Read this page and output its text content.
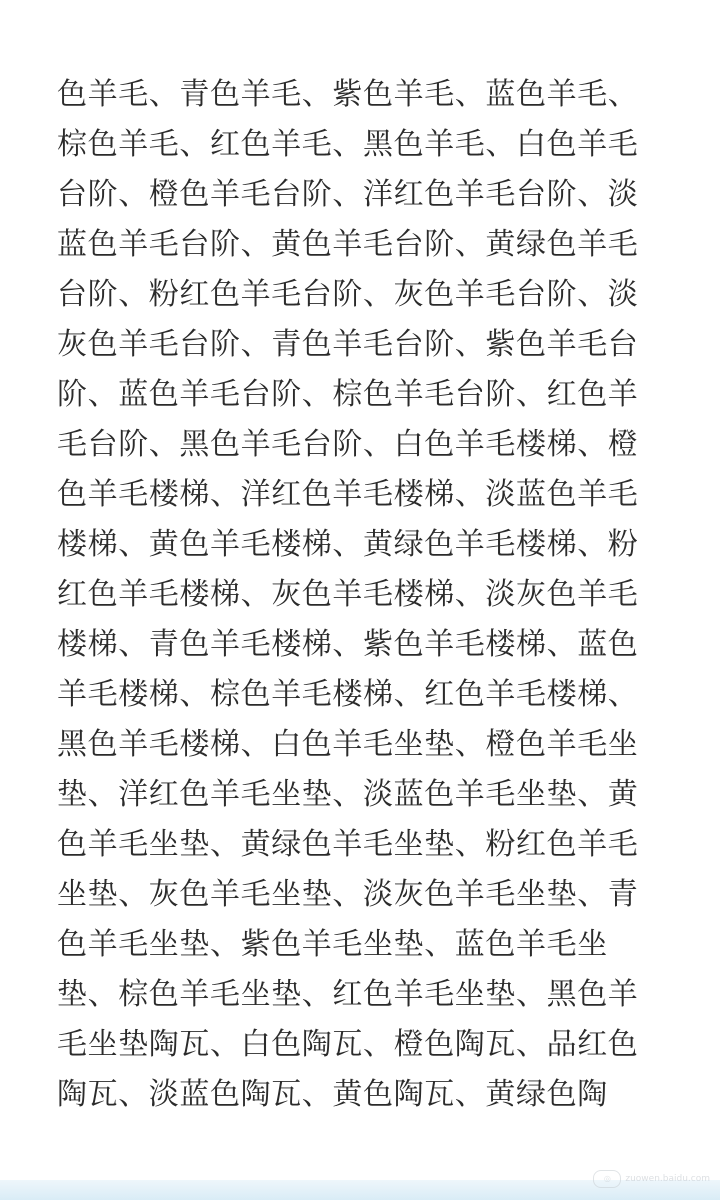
色羊毛、青色羊毛、紫色羊毛、蓝色羊毛、
棕色羊毛、红色羊毛、黑色羊毛、白色羊毛
台阶、橙色羊毛台阶、洋红色羊毛台阶、淡
蓝色羊毛台阶、黄色羊毛台阶、黄绿色羊毛
台阶、粉红色羊毛台阶、灰色羊毛台阶、淡
灰色羊毛台阶、青色羊毛台阶、紫色羊毛台
阶、蓝色羊毛台阶、棕色羊毛台阶、红色羊
毛台阶、黑色羊毛台阶、白色羊毛楼梯、橙
色羊毛楼梯、洋红色羊毛楼梯、淡蓝色羊毛
楼梯、黄色羊毛楼梯、黄绿色羊毛楼梯、粉
红色羊毛楼梯、灰色羊毛楼梯、淡灰色羊毛
楼梯、青色羊毛楼梯、紫色羊毛楼梯、蓝色
羊毛楼梯、棕色羊毛楼梯、红色羊毛楼梯、
黑色羊毛楼梯、白色羊毛坐垫、橙色羊毛坐
垫、洋红色羊毛坐垫、淡蓝色羊毛坐垫、黄
色羊毛坐垫、黄绿色羊毛坐垫、粉红色羊毛
坐垫、灰色羊毛坐垫、淡灰色羊毛坐垫、青
色羊毛坐垫、紫色羊毛坐垫、蓝色羊毛坐
垫、棕色羊毛坐垫、红色羊毛坐垫、黑色羊
毛坐垫陶瓦、白色陶瓦、橙色陶瓦、品红色
陶瓦、淡蓝色陶瓦、黄色陶瓦、黄绿色陶
◎	zuowen.baidu.com
